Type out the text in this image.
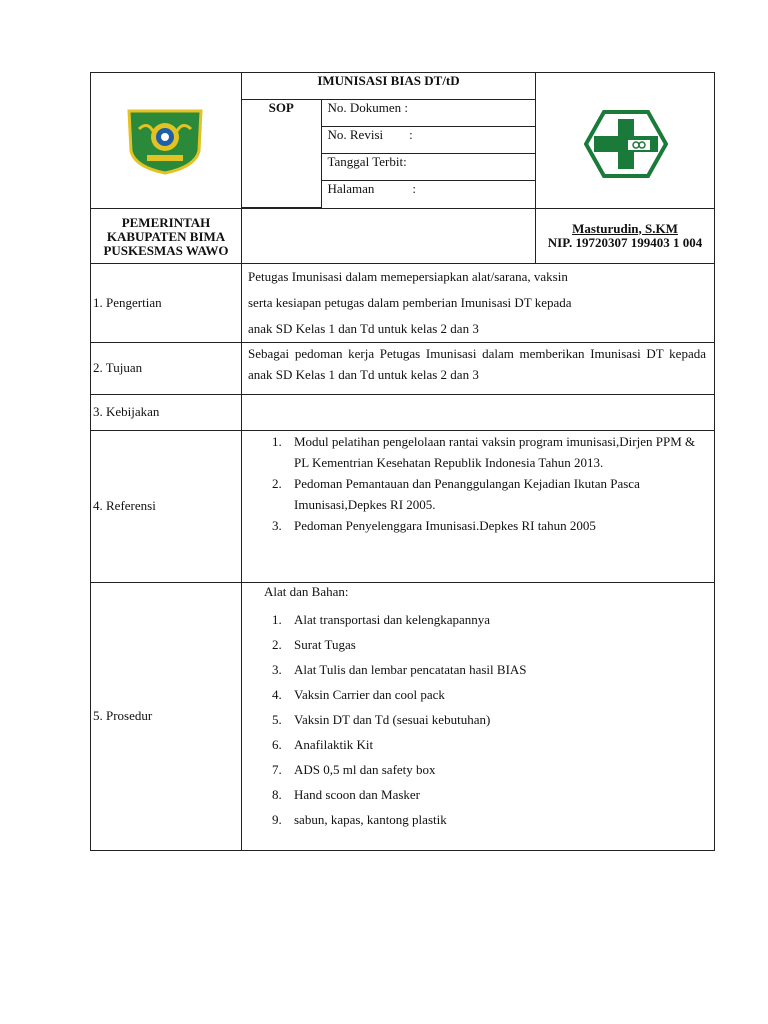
IMUNISASI BIAS DT/tD
SOP	No. Dokumen :
No. Revisi :
Tanggal Terbit:
Halaman	:

PEMERINTAH
KABUPATEN BIMA
PUSKESMAS WAWO

Masturudin, S.KM
NIP. 19720307 199403 1 004

1. Pengertian	
Petugas Imunisasi dalam memepersiapkan alat/sarana, vaksin
serta kesiapan petugas dalam pemberian Imunisasi DT kepada
anak SD Kelas 1 dan Td untuk kelas 2 dan 3

2. Tujuan	
Sebagai pedoman kerja Petugas Imunisasi dalam memberikan Imunisasi DT kepada anak SD Kelas 1 dan Td untuk kelas 2 dan 3

3. Kebijakan	
4. Referensi	
1. Modul pelatihan pengelolaan rantai vaksin program imunisasi,Dirjen PPM & PL Kementrian Kesehatan Republik Indonesia Tahun 2013.
2. Pedoman Pemantauan dan Penanggulangan Kejadian Ikutan Pasca Imunisasi,Depkes RI 2005.
3. Pedoman Penyelenggara Imunisasi.Depkes RI tahun 2005

5. Prosedur	
Alat dan Bahan:
1. Alat transportasi dan kelengkapannya
2. Surat Tugas
3. Alat Tulis dan lembar pencatatan hasil BIAS
4. Vaksin Carrier dan cool pack
5. Vaksin DT dan Td (sesuai kebutuhan)
6. Anafilaktik Kit
7. ADS 0,5 ml dan safety box
8. Hand scoon dan Masker
9. sabun, kapas, kantong plastik
